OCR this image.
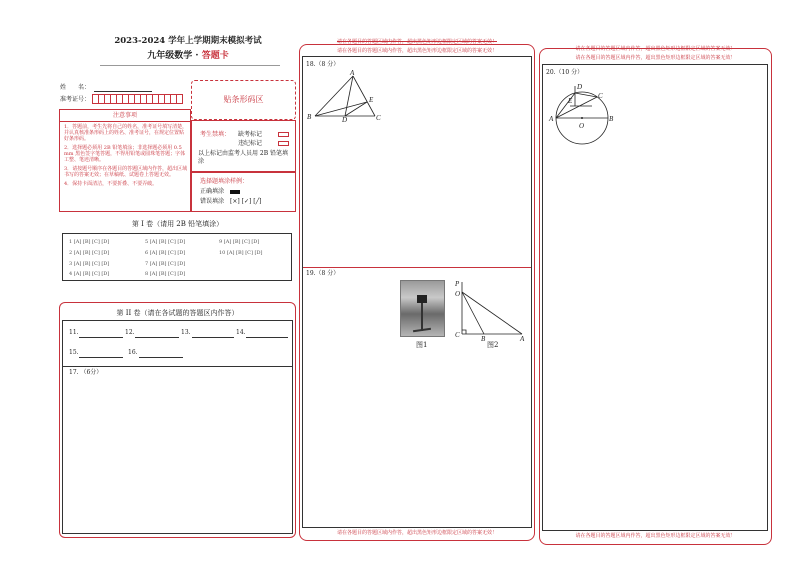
2023-2024 学年上学期期末模拟考试
九年级数学 · 答题卡
姓　　名：
准考证号：	贴条形码区
注意事项
1．答题前，考生先将自己的姓名，准考证号填写清楚，并认真核准条形码上的姓名、准考证号，在规定位置贴好条形码。
2．选择题必须用 2B 铅笔填涂；非选择题必须用 0.5 mm 黑色签字笔答题，不得用铅笔或圆珠笔答题；字体工整、笔迹清晰。
3．请按题号顺序在各题目的答题区域内作答，超出区域书写的答案无效；在草稿纸、试题卷上答题无效。
4．保持卡面清洁，不要折叠、不要弄破。
考生禁填： 缺考标记
违纪标记
以上标记由监考人员用 2B 铅笔填涂
选择题填涂样例：
正确填涂
错误填涂 [×] [✓] [╱]
第 I 卷（请用 2B 铅笔填涂）
1 [A] [B] [C] [D]	5 [A] [B] [C] [D]	9 [A] [B] [C] [D]
2 [A] [B] [C] [D]	6 [A] [B] [C] [D]	10 [A] [B] [C] [D]
3 [A] [B] [C] [D]	7 [A] [B] [C] [D]
4 [A] [B] [C] [D]	8 [A] [B] [C] [D]
第 II 卷（请在各试题的答题区内作答）
11.	12.	13.	14.
15.	16.
17. （6分）
请在各题目的答题区域内作答，超出黑色矩形边框限定区域的答案无效！
请在各题目的答题区域内作答，超出黑色矩形边框限定区域的答案无效！
请在各题目的答题区域内作答，超出黑色矩形边框限定区域的答案无效！
18.（8 分）
A
B	D
E
C
19.（8 分）
图1
P
O
C	B	A
图2
请在各题目的答题区域内作答，超出黑色矩形边框限定区域的答案无效！
请在各题目的答题区域内作答，超出黑色矩形边框限定区域的答案无效！
请在各题目的答题区域内作答，超出黑色矩形边框限定区域的答案无效！
20.（10 分）
A	B
D
C
E
O
